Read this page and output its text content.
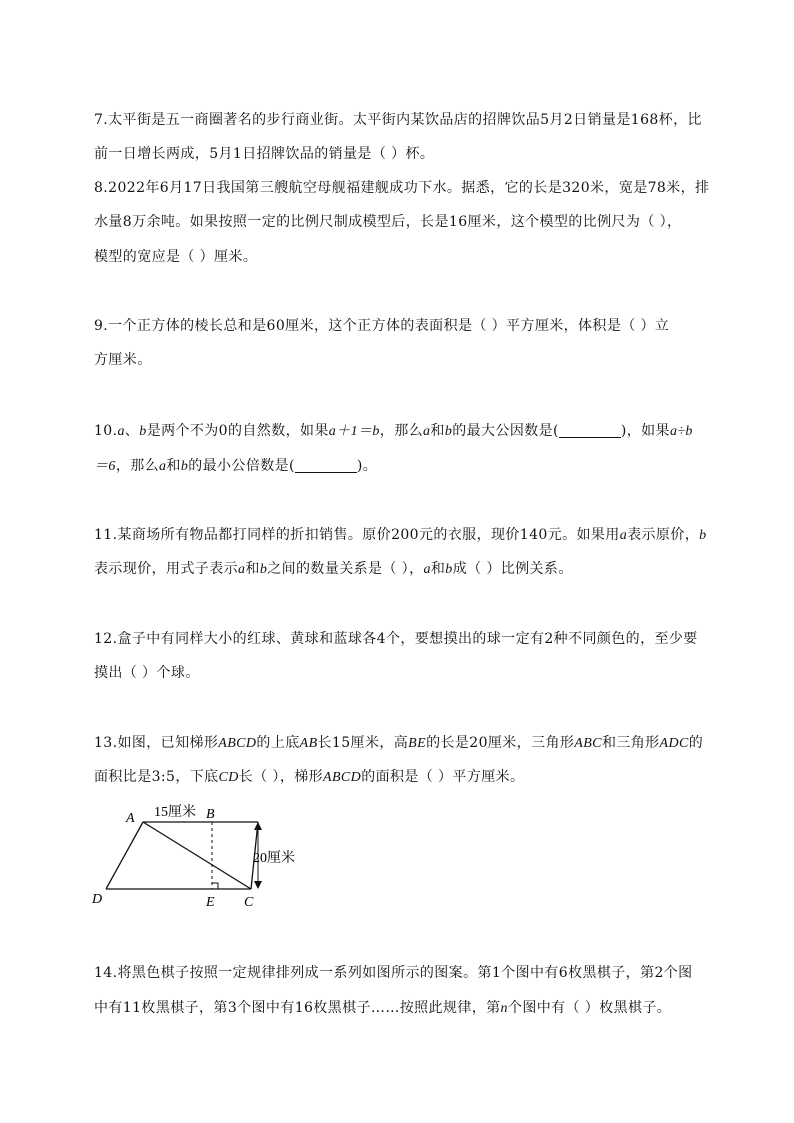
7.太平街是五一商圈著名的步行商业街。太平街内某饮品店的招牌饮品5月2日销量是168杯，比
前一日增长两成，5月1日招牌饮品的销量是（ ）杯。
8.2022年6月17日我国第三艘航空母舰福建舰成功下水。据悉，它的长是320米，宽是78米，排
水量8万余吨。如果按照一定的比例尺制成模型后，长是16厘米，这个模型的比例尺为（ ），
模型的宽应是（ ）厘米。
9.一个正方体的棱长总和是60厘米，这个正方体的表面积是（ ）平方厘米，体积是（ ）立
方厘米。
10.a、b是两个不为0的自然数，如果a＋1＝b，那么a和b的最大公因数是(	)，如果a÷b
＝6，那么a和b的最小公倍数是(	)。
11.某商场所有物品都打同样的折扣销售。原价200元的衣服，现价140元。如果用a表示原价，b
表示现价，用式子表示a和b之间的数量关系是（ ），a和b成（ ）比例关系。
12.盒子中有同样大小的红球、黄球和蓝球各4个，要想摸出的球一定有2种不同颜色的，至少要
摸出（ ）个球。
13.如图，已知梯形ABCD的上底AB长15厘米，高BE的长是20厘米，三角形ABC和三角形ADC的
面积比是3:5，下底CD长（ ），梯形ABCD的面积是（ ）平方厘米。
A	B
C
D	E
15厘米
20厘米
14.将黑色棋子按照一定规律排列成一系列如图所示的图案。第1个图中有6枚黑棋子，第2个图
中有11枚黑棋子，第3个图中有16枚黑棋子……按照此规律，第n个图中有（ ）枚黑棋子。
